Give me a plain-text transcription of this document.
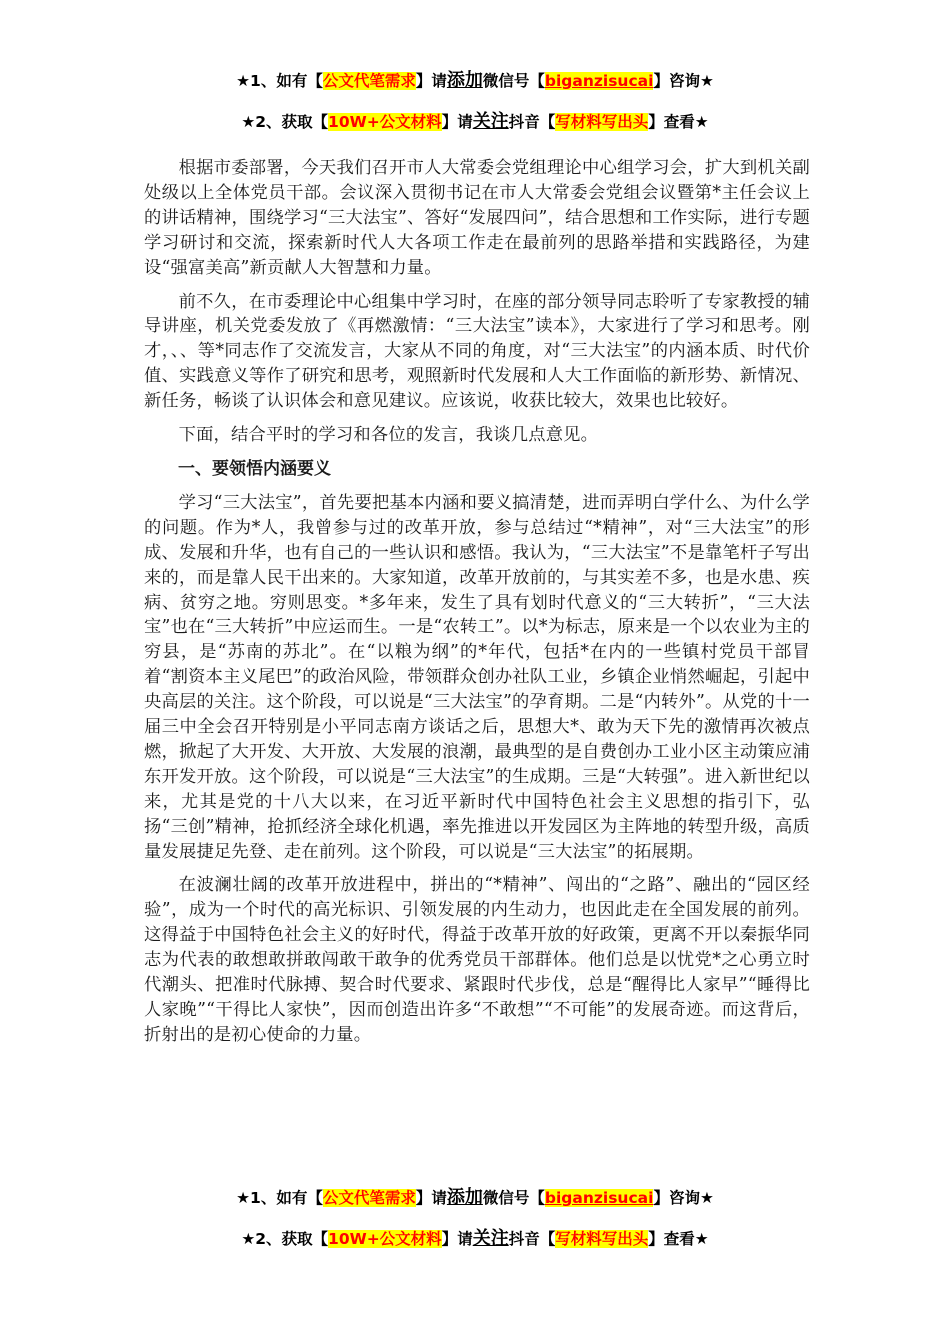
★1、如有【公文代笔需求】请添加微信号【biganzisucai】咨询★
★2、获取【10W+公文材料】请关注抖音【写材料写出头】查看★

根据市委部署，今天我们召开市人大常委会党组理论中心组学习会，扩大到机关副处级以上全体党员干部。会议深入贯彻书记在市人大常委会党组会议暨第*主任会议上的讲话精神，围绕学习“三大法宝”、答好“发展四问”，结合思想和工作实际，进行专题学习研讨和交流，探索新时代人大各项工作走在最前列的思路举措和实践路径，为建设“强富美高”新贡献人大智慧和力量。

前不久，在市委理论中心组集中学习时，在座的部分领导同志聆听了专家教授的辅导讲座，机关党委发放了《再燃激情：“三大法宝”读本》，大家进行了学习和思考。刚才，、、等*同志作了交流发言，大家从不同的角度，对“三大法宝”的内涵本质、时代价值、实践意义等作了研究和思考，观照新时代发展和人大工作面临的新形势、新情况、新任务，畅谈了认识体会和意见建议。应该说，收获比较大，效果也比较好。

下面，结合平时的学习和各位的发言，我谈几点意见。

一、要领悟内涵要义

学习“三大法宝”，首先要把基本内涵和要义搞清楚，进而弄明白学什么、为什么学的问题。作为*人，我曾参与过的改革开放，参与总结过“*精神”，对“三大法宝”的形成、发展和升华，也有自己的一些认识和感悟。我认为，“三大法宝”不是靠笔杆子写出来的，而是靠人民干出来的。大家知道，改革开放前的，与其实差不多，也是水患、疾病、贫穷之地。穷则思变。*多年来，发生了具有划时代意义的“三大转折”，“三大法宝”也在“三大转折”中应运而生。一是“农转工”。以*为标志，原来是一个以农业为主的穷县，是“苏南的苏北”。在“以粮为纲”的*年代，包括*在内的一些镇村党员干部冒着“割资本主义尾巴”的政治风险，带领群众创办社队工业，乡镇企业悄然崛起，引起中央高层的关注。这个阶段，可以说是“三大法宝”的孕育期。二是“内转外”。从党的十一届三中全会召开特别是小平同志南方谈话之后，思想大*、敢为天下先的激情再次被点燃，掀起了大开发、大开放、大发展的浪潮，最典型的是自费创办工业小区主动策应浦东开发开放。这个阶段，可以说是“三大法宝”的生成期。三是“大转强”。进入新世纪以来，尤其是党的十八大以来，在习近平新时代中国特色社会主义思想的指引下，弘扬“三创”精神，抢抓经济全球化机遇，率先推进以开发园区为主阵地的转型升级，高质量发展捷足先登、走在前列。这个阶段，可以说是“三大法宝”的拓展期。

在波澜壮阔的改革开放进程中，拼出的“*精神”、闯出的“之路”、融出的“园区经验”，成为一个时代的高光标识、引领发展的内生动力，也因此走在全国发展的前列。这得益于中国特色社会主义的好时代，得益于改革开放的好政策，更离不开以秦振华同志为代表的敢想敢拼敢闯敢干敢争的优秀党员干部群体。他们总是以忧党*之心勇立时代潮头、把准时代脉搏、契合时代要求、紧跟时代步伐，总是“醒得比人家早”“睡得比人家晚”“干得比人家快”，因而创造出许多“不敢想”“不可能”的发展奇迹。而这背后，折射出的是初心使命的力量。

★1、如有【公文代笔需求】请添加微信号【biganzisucai】咨询★
★2、获取【10W+公文材料】请关注抖音【写材料写出头】查看★
